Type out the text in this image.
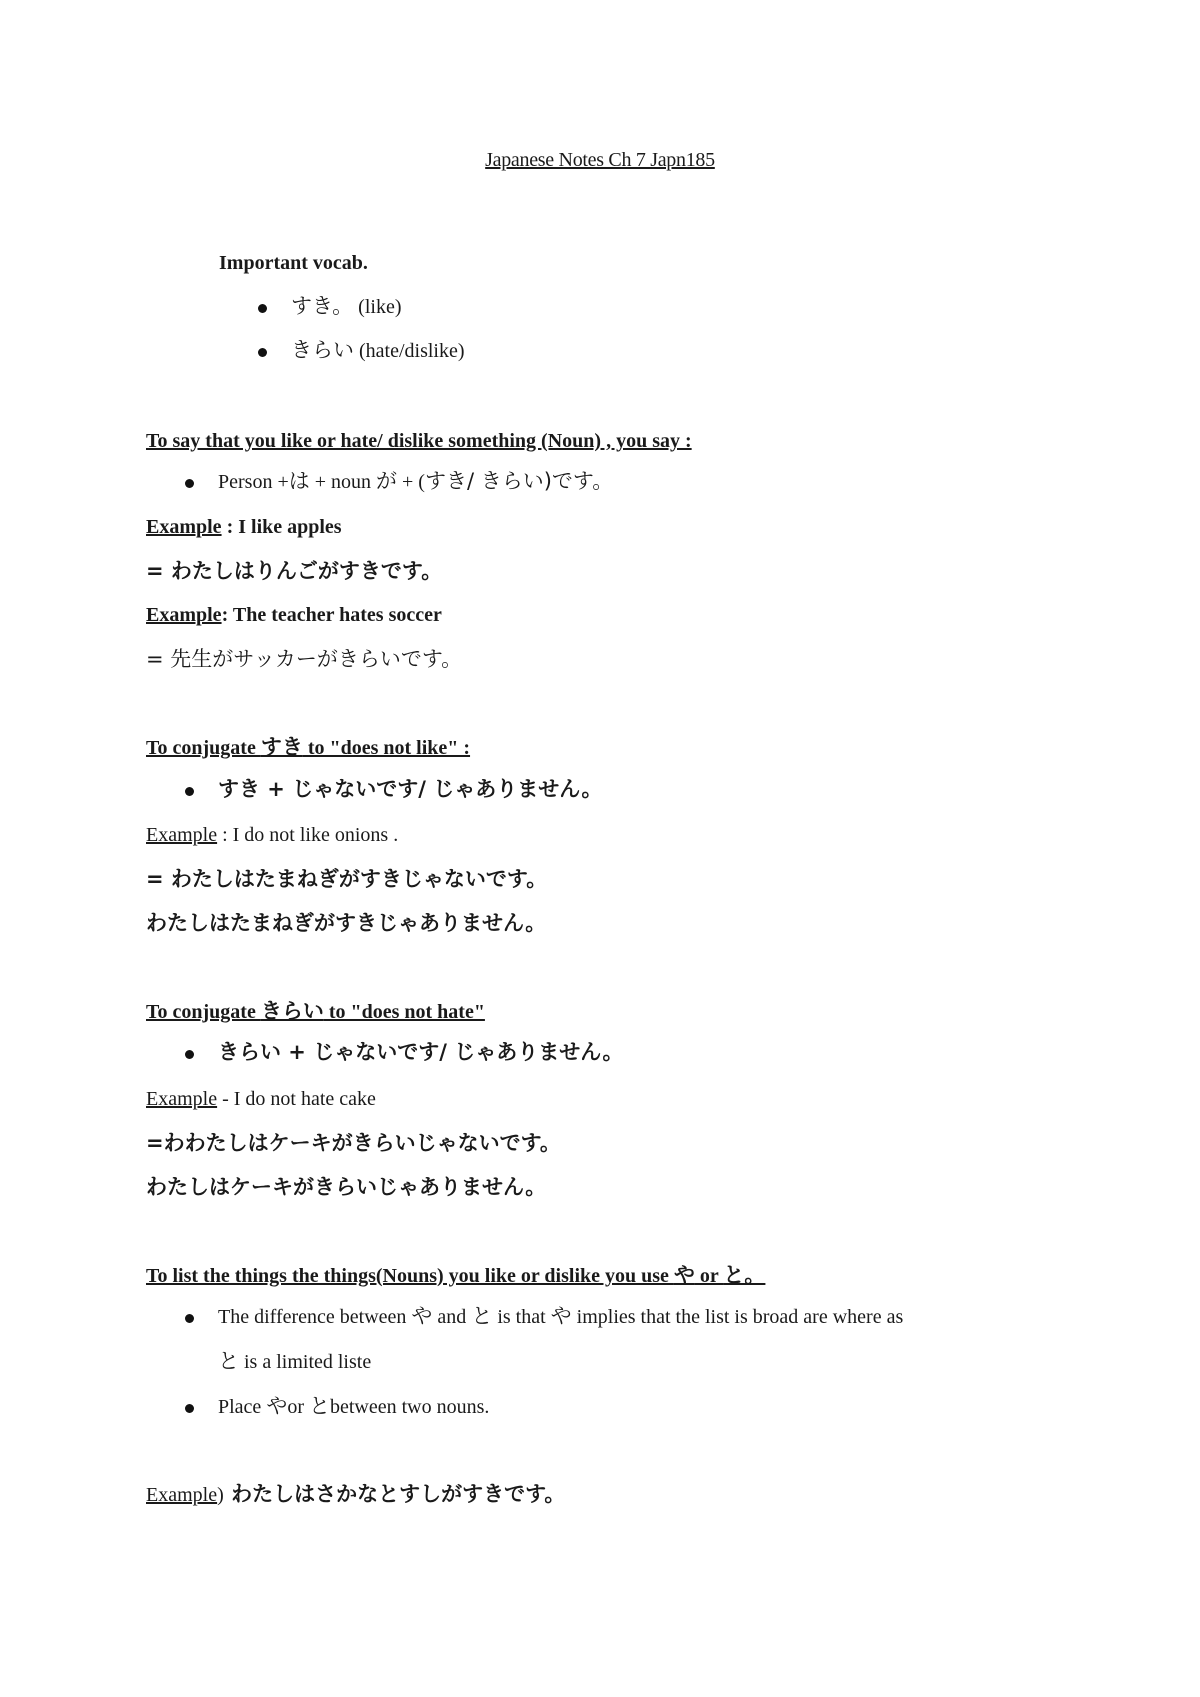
Japanese Notes Ch 7 Japn185
Important vocab.
すき。 (like)
きらい (hate/dislike)
To say that you like or hate/ dislike something (Noun) , you say :
Person +は + noun が + (すき/ きらい)です。
Example : I like apples
= わたしはりんごがすきです。
Example: The teacher hates soccer
= 先生がサッカーがきらいです。
To conjugate すき to "does not like" :
すき + じゃないです/ じゃありません。
Example : I do not like onions .
= わたしはたまねぎがすきじゃないです。
わたしはたまねぎがすきじゃありません。
To conjugate きらい to "does not hate"
きらい + じゃないです/ じゃありません。
Example - I do not hate cake
=わわたしはケーキがきらいじゃないです。
わたしはケーキがきらいじゃありません。
To list the things the things(Nouns) you like or dislike you use や or と。
The difference between や and と is that や implies that the list is broad are where as
と is a limited liste
Place やor とbetween two nouns.
Example) わたしはさかなとすしがすきです。
